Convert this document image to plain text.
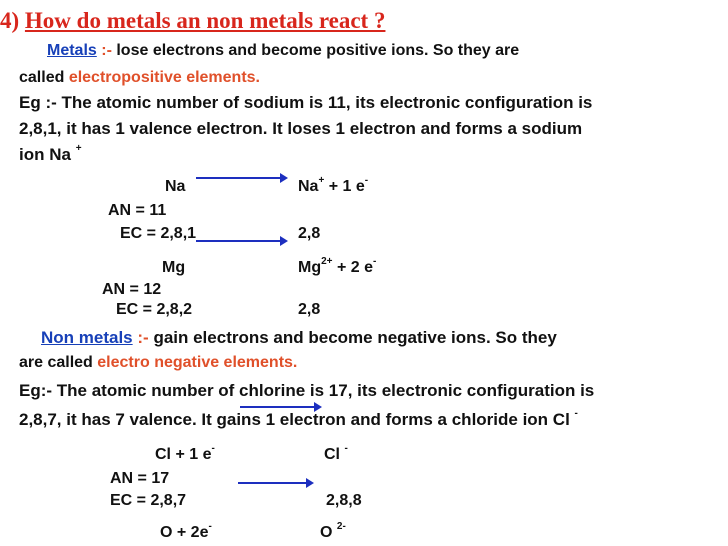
4) How do metals an non metals react ?
Metals :- lose electrons and become positive ions. So they are
called electropositive elements.
Eg :- The atomic number of sodium is 11, its electronic configuration is
2,8,1, it has 1 valence electron. It loses 1 electron and forms a sodium
ion Na +
Na	Na+ + 1 e-
AN = 11
EC = 2,8,1	2,8
Mg	$Mg^{2+} + 2$ e-
AN = 12
EC = 2,8,2	2,8
Non metals :- gain electrons and become negative ions. So they
are called electro negative elements.
Eg:- The atomic number of chlorine is 17, its electronic configuration is
2,8,7, it has 7 valence. It gains 1 electron and forms a chloride ion Cl -
Cl + 1 e-	Cl -
AN = 17
EC = 2,8,7	2,8,8
O + 2e-	O $^{2-}$
